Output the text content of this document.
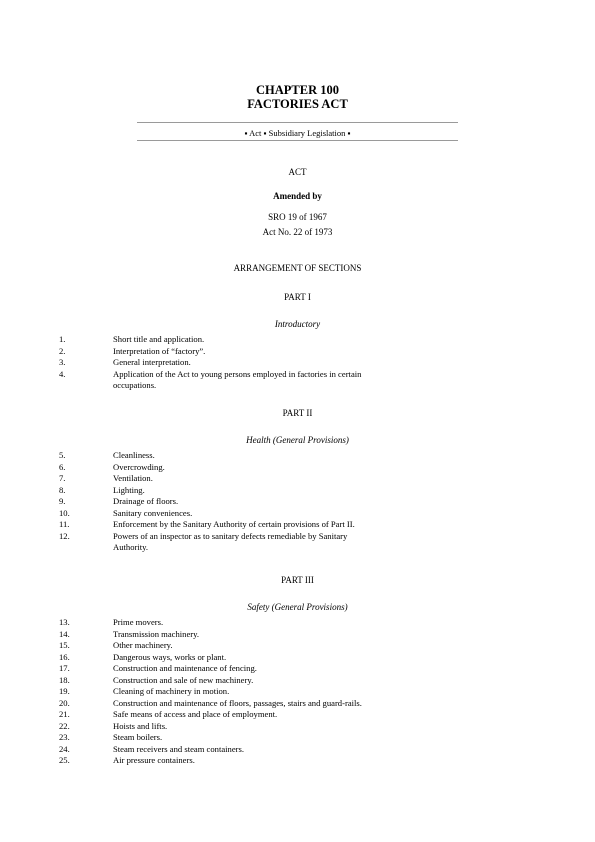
CHAPTER 100
FACTORIES ACT
▪ Act ▪ Subsidiary Legislation ▪
ACT
Amended by
SRO 19 of 1967
Act No. 22 of 1973
ARRANGEMENT OF SECTIONS
PART I
Introductory
1.	Short title and application.
2.	Interpretation of “factory”.
3.	General interpretation.
4.	Application of the Act to young persons employed in factories in certain
occupations.
PART II
Health (General Provisions)
5.	Cleanliness.
6.	Overcrowding.
7.	Ventilation.
8.	Lighting.
9.	Drainage of floors.
10.	Sanitary conveniences.
11.	Enforcement by the Sanitary Authority of certain provisions of Part II.
12.	Powers of an inspector as to sanitary defects remediable by Sanitary
Authority.
PART III
Safety (General Provisions)
13.	Prime movers.
14.	Transmission machinery.
15.	Other machinery.
16.	Dangerous ways, works or plant.
17.	Construction and maintenance of fencing.
18.	Construction and sale of new machinery.
19.	Cleaning of machinery in motion.
20.	Construction and maintenance of floors, passages, stairs and guard-rails.
21.	Safe means of access and place of employment.
22.	Hoists and lifts.
23.	Steam boilers.
24.	Steam receivers and steam containers.
25.	Air pressure containers.
